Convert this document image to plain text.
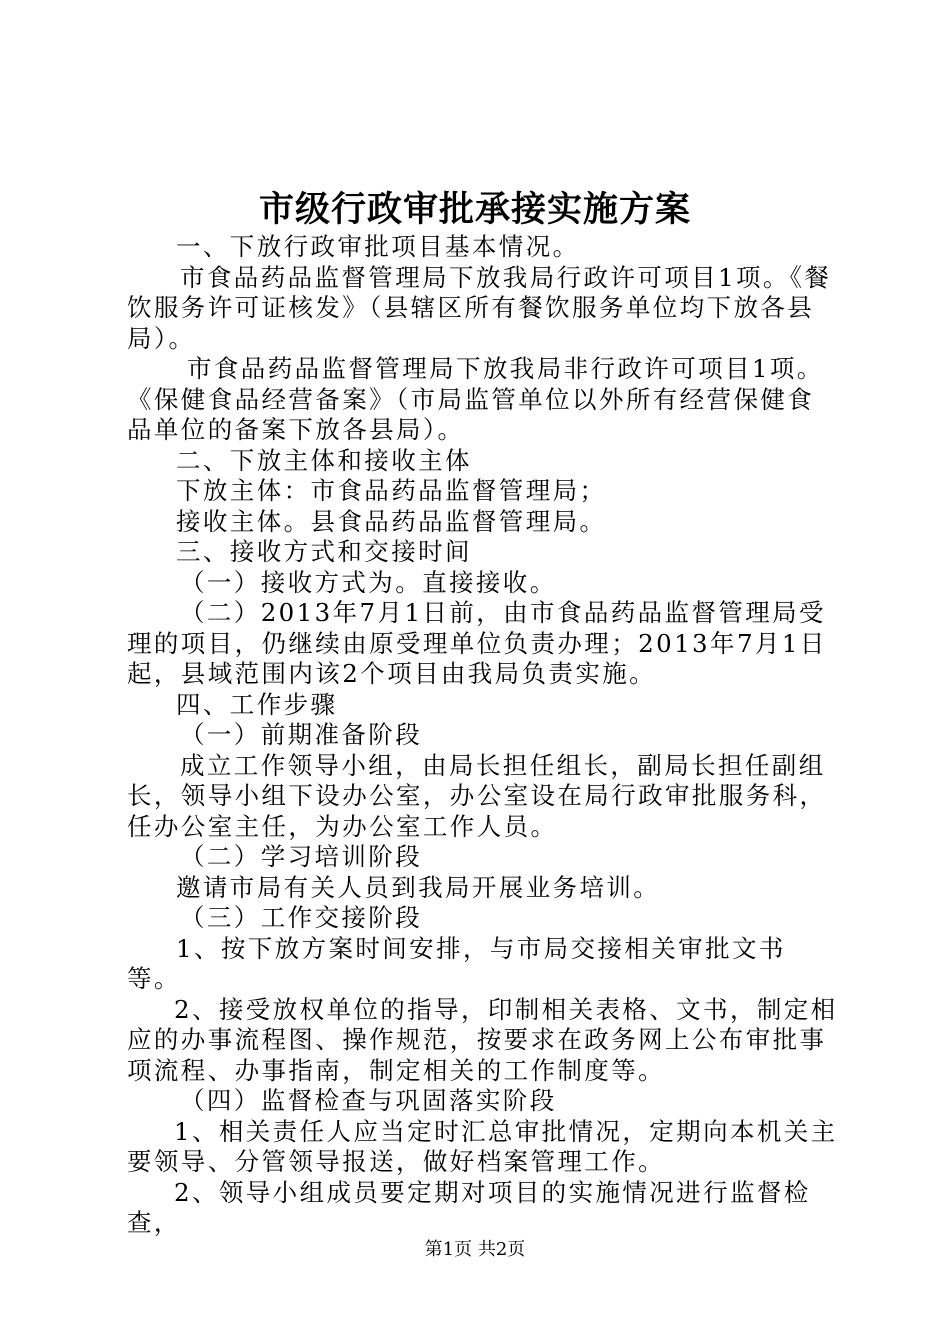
市级行政审批承接实施方案

一、下放行政审批项目基本情况。

市食品药品监督管理局下放我局行政许可项目1项。《餐饮服务许可证核发》（县辖区所有餐饮服务单位均下放各县局）。

市食品药品监督管理局下放我局非行政许可项目1项。《保健食品经营备案》（市局监管单位以外所有经营保健食品单位的备案下放各县局）。

二、下放主体和接收主体

下放主体：市食品药品监督管理局；

接收主体。县食品药品监督管理局。

三、接收方式和交接时间

（一）接收方式为。直接接收。

（二）2013年7月1日前，由市食品药品监督管理局受理的项目，仍继续由原受理单位负责办理；2013年7月1日起，县域范围内该2个项目由我局负责实施。

四、工作步骤

（一）前期准备阶段

成立工作领导小组，由局长担任组长，副局长担任副组长，领导小组下设办公室，办公室设在局行政审批服务科，任办公室主任，为办公室工作人员。

（二）学习培训阶段

邀请市局有关人员到我局开展业务培训。

（三）工作交接阶段

1、按下放方案时间安排，与市局交接相关审批文书等。

2、接受放权单位的指导，印制相关表格、文书，制定相应的办事流程图、操作规范，按要求在政务网上公布审批事项流程、办事指南，制定相关的工作制度等。

（四）监督检查与巩固落实阶段

1、相关责任人应当定时汇总审批情况，定期向本机关主要领导、分管领导报送，做好档案管理工作。

2、领导小组成员要定期对项目的实施情况进行监督检查，

第1页 共2页
